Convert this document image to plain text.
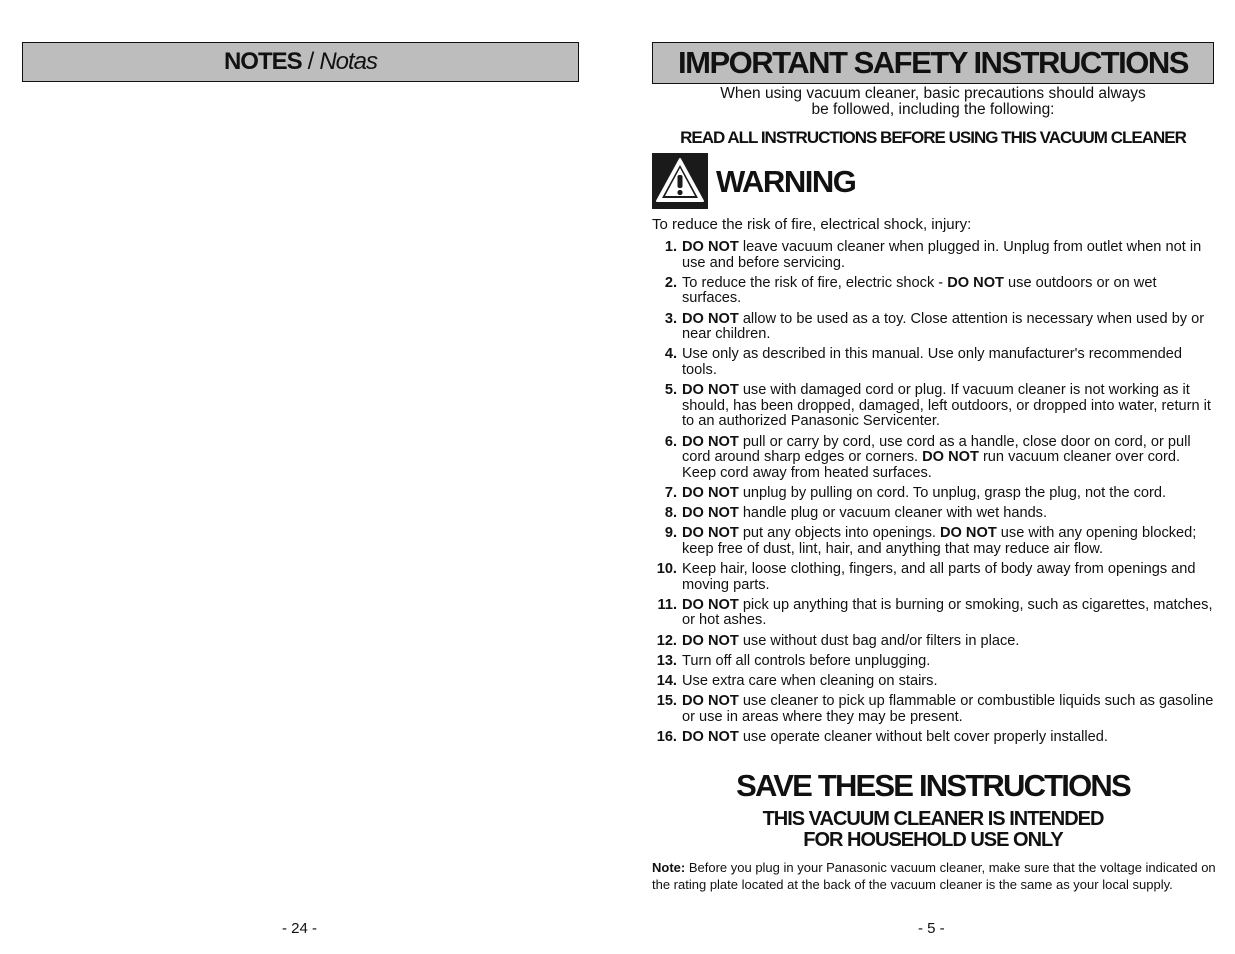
NOTES / Notas
- 24 -
IMPORTANT SAFETY INSTRUCTIONS
When using vacuum cleaner, basic precautions should always
be followed, including the following:
READ ALL INSTRUCTIONS BEFORE USING THIS VACUUM CLEANER
WARNING
To reduce the risk of fire, electrical shock, injury:
1. DO NOT leave vacuum cleaner when plugged in. Unplug from outlet when not in use and before servicing.
2. To reduce the risk of fire, electric shock - DO NOT use outdoors or on wet surfaces.
3. DO NOT allow to be used as a toy. Close attention is necessary when used by or near children.
4. Use only as described in this manual. Use only manufacturer's recommended tools.
5. DO NOT use with damaged cord or plug. If vacuum cleaner is not working as it should, has been dropped, damaged, left outdoors, or dropped into water, return it to an authorized Panasonic Servicenter.
6. DO NOT pull or carry by cord, use cord as a handle, close door on cord, or pull cord around sharp edges or corners. DO NOT run vacuum cleaner over cord. Keep cord away from heated surfaces.
7. DO NOT unplug by pulling on cord. To unplug, grasp the plug, not the cord.
8. DO NOT handle plug or vacuum cleaner with wet hands.
9. DO NOT put any objects into openings. DO NOT use with any opening blocked; keep free of dust, lint, hair, and anything that may reduce air flow.
10. Keep hair, loose clothing, fingers, and all parts of body away from openings and moving parts.
11. DO NOT pick up anything that is burning or smoking, such as cigarettes, matches, or hot ashes.
12. DO NOT use without dust bag and/or filters in place.
13. Turn off all controls before unplugging.
14. Use extra care when cleaning on stairs.
15. DO NOT use cleaner to pick up flammable or combustible liquids such as gasoline or use in areas where they may be present.
16. DO NOT use operate cleaner without belt cover properly installed.
SAVE THESE INSTRUCTIONS
THIS VACUUM CLEANER IS INTENDED
FOR HOUSEHOLD USE ONLY
Note: Before you plug in your Panasonic vacuum cleaner, make sure that the voltage indicated on the rating plate located at the back of the vacuum cleaner is the same as your local supply.
- 5 -
